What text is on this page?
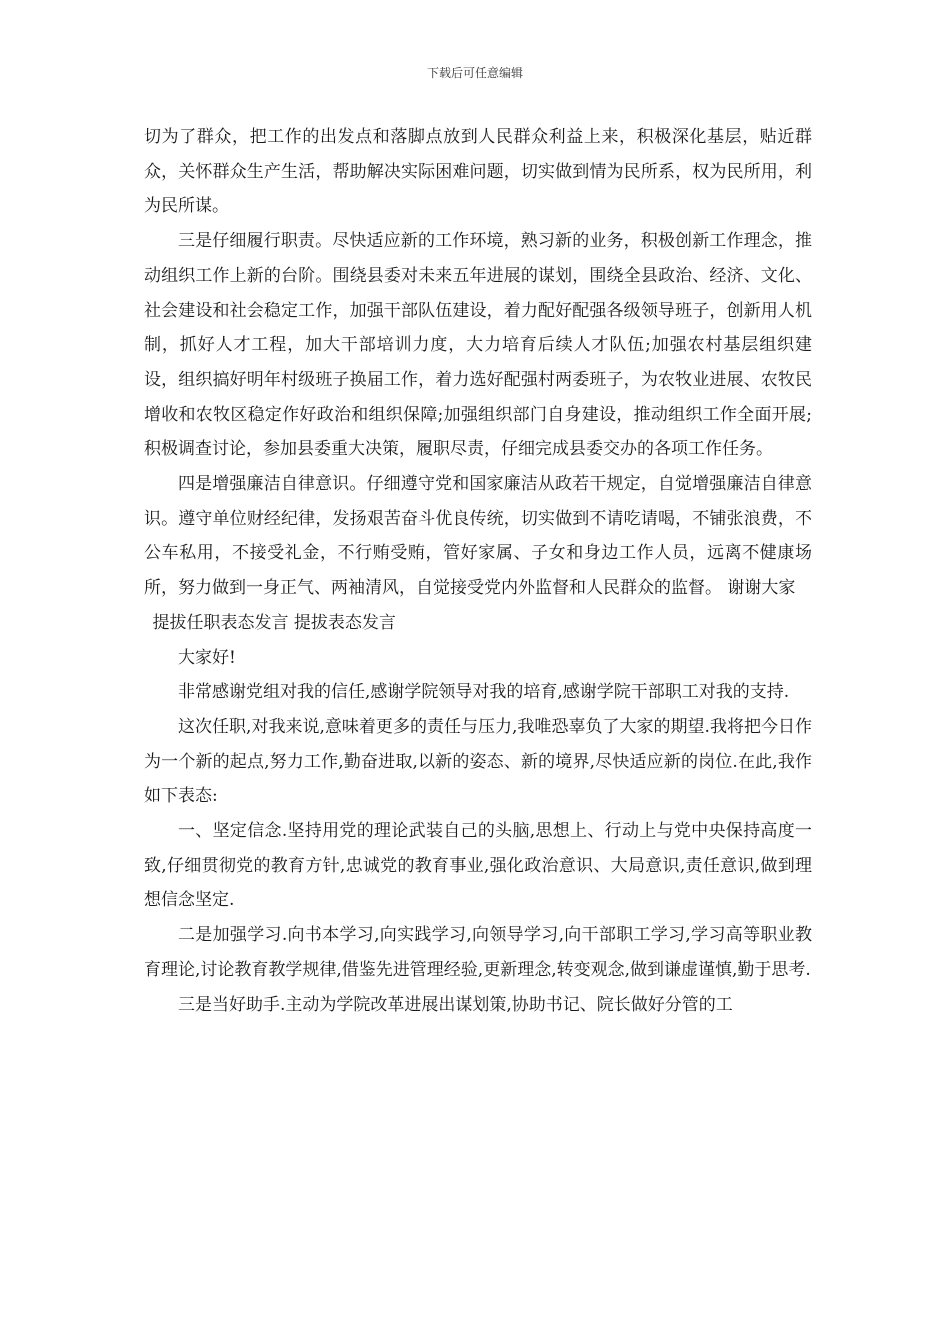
下载后可任意编辑

切为了群众，把工作的出发点和落脚点放到人民群众利益上来，积极深化基层，贴近群众，关怀群众生产生活，帮助解决实际困难问题，切实做到情为民所系，权为民所用，利为民所谋。

三是仔细履行职责。尽快适应新的工作环境，熟习新的业务，积极创新工作理念，推动组织工作上新的台阶。围绕县委对未来五年进展的谋划，围绕全县政治、经济、文化、社会建设和社会稳定工作，加强干部队伍建设，着力配好配强各级领导班子，创新用人机制，抓好人才工程，加大干部培训力度，大力培育后续人才队伍;加强农村基层组织建设，组织搞好明年村级班子换届工作，着力选好配强村两委班子，为农牧业进展、农牧民增收和农牧区稳定作好政治和组织保障;加强组织部门自身建设，推动组织工作全面开展;积极调查讨论，参加县委重大决策，履职尽责，仔细完成县委交办的各项工作任务。

四是增强廉洁自律意识。仔细遵守党和国家廉洁从政若干规定，自觉增强廉洁自律意识。遵守单位财经纪律，发扬艰苦奋斗优良传统，切实做到不请吃请喝，不铺张浪费，不公车私用，不接受礼金，不行贿受贿，管好家属、子女和身边工作人员，远离不健康场所，努力做到一身正气、两袖清风，自觉接受党内外监督和人民群众的监督。 谢谢大家

提拔任职表态发言 提拔表态发言

大家好!

非常感谢党组对我的信任,感谢学院领导对我的培育,感谢学院干部职工对我的支持.

这次任职,对我来说,意味着更多的责任与压力,我唯恐辜负了大家的期望.我将把今日作为一个新的起点,努力工作,勤奋进取,以新的姿态、新的境界,尽快适应新的岗位.在此,我作如下表态:

一、坚定信念.坚持用党的理论武装自己的头脑,思想上、行动上与党中央保持高度一致,仔细贯彻党的教育方针,忠诚党的教育事业,强化政治意识、大局意识,责任意识,做到理想信念坚定.

二是加强学习.向书本学习,向实践学习,向领导学习,向干部职工学习,学习高等职业教育理论,讨论教育教学规律,借鉴先进管理经验,更新理念,转变观念,做到谦虚谨慎,勤于思考.

三是当好助手.主动为学院改革进展出谋划策,协助书记、院长做好分管的工
